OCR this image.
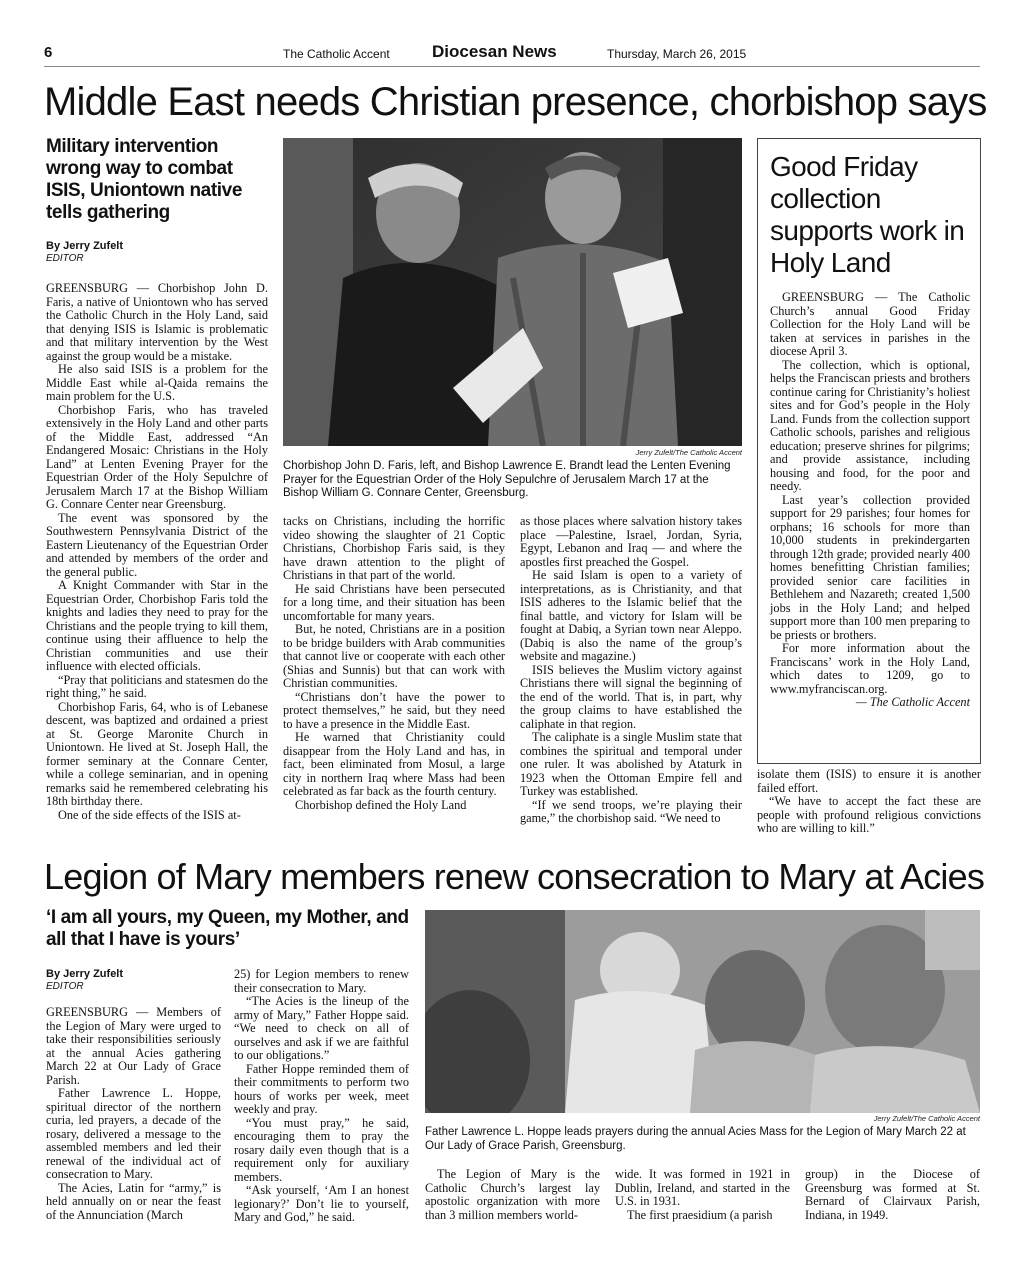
6	The Catholic Accent Diocesan News	Thursday, March 26, 2015
Middle East needs Christian presence, chorbishop says
Military intervention wrong way to combat ISIS, Uniontown native tells gathering
By Jerry Zufelt
EDITOR

GREENSBURG — Chorbishop John D. Faris, a native of Uniontown who has served the Catholic Church in the Holy Land, said that denying ISIS is Islamic is problematic and that military intervention by the West against the group would be a mistake.

He also said ISIS is a problem for the Middle East while al-Qaida remains the main problem for the U.S.

Chorbishop Faris, who has traveled extensively in the Holy Land and other parts of the Middle East, addressed “An Endangered Mosaic: Christians in the Holy Land” at Lenten Evening Prayer for the Equestrian Order of the Holy Sepulchre of Jerusalem March 17 at the Bishop William G. Connare Center near Greensburg.

The event was sponsored by the Southwestern Pennsylvania District of the Eastern Lieutenancy of the Equestrian Order and attended by members of the order and the general public.

A Knight Commander with Star in the Equestrian Order, Chorbishop Faris told the knights and ladies they need to pray for the Christians and the people trying to kill them, continue using their affluence to help the Christian communities and use their influence with elected officials.

“Pray that politicians and statesmen do the right thing,” he said.

Chorbishop Faris, 64, who is of Lebanese descent, was baptized and ordained a priest at St. George Maronite Church in Uniontown. He lived at St. Joseph Hall, the former seminary at the Connare Center, while a college seminarian, and in opening remarks said he remembered celebrating his 18th birthday there.

One of the side effects of the ISIS at-

Jerry Zufelt/The Catholic Accent
Chorbishop John D. Faris, left, and Bishop Lawrence E. Brandt lead the Lenten Evening Prayer for the Equestrian Order of the Holy Sepulchre of Jerusalem March 17 at the Bishop William G. Connare Center, Greensburg.

tacks on Christians, including the horrific video showing the slaughter of 21 Coptic Christians, Chorbishop Faris said, is they have drawn attention to the plight of Christians in that part of the world.

He said Christians have been persecuted for a long time, and their situation has been uncomfortable for many years.

But, he noted, Christians are in a position to be bridge builders with Arab communities that cannot live or cooperate with each other (Shias and Sunnis) but that can work with Christian communities.

“Christians don’t have the power to protect themselves,” he said, but they need to have a presence in the Middle East.

He warned that Christianity could disappear from the Holy Land and has, in fact, been eliminated from Mosul, a large city in northern Iraq where Mass had been celebrated as far back as the fourth century.

Chorbishop defined the Holy Land

as those places where salvation history takes place —Palestine, Israel, Jordan, Syria, Egypt, Lebanon and Iraq — and where the apostles first preached the Gospel.

He said Islam is open to a variety of interpretations, as is Christianity, and that ISIS adheres to the Islamic belief that the final battle, and victory for Islam will be fought at Dabiq, a Syrian town near Aleppo. (Dabiq is also the name of the group’s website and magazine.)

ISIS believes the Muslim victory against Christians there will signal the beginning of the end of the world. That is, in part, why the group claims to have established the caliphate in that region.

The caliphate is a single Muslim state that combines the spiritual and temporal under one ruler. It was abolished by Ataturk in 1923 when the Ottoman Empire fell and Turkey was established.

“If we send troops, we’re playing their game,” the chorbishop said. “We need to

isolate them (ISIS) to ensure it is another failed effort.

“We have to accept the fact these are people with profound religious convictions who are willing to kill.”

Good Friday collection supports work in Holy Land

GREENSBURG — The Catholic Church’s annual Good Friday Collection for the Holy Land will be taken at services in parishes in the diocese April 3.

The collection, which is optional, helps the Franciscan priests and brothers continue caring for Christianity’s holiest sites and for God’s people in the Holy Land. Funds from the collection support Catholic schools, parishes and religious education; preserve shrines for pilgrims; and provide assistance, including housing and food, for the poor and needy.

Last year’s collection provided support for 29 parishes; four homes for orphans; 16 schools for more than 10,000 students in prekindergarten through 12th grade; provided nearly 400 homes benefitting Christian families; provided senior care facilities in Bethlehem and Nazareth; created 1,500 jobs in the Holy Land; and helped support more than 100 men preparing to be priests or brothers.

For more information about the Franciscans’ work in the Holy Land, which dates to 1209, go to www.myfranciscan.org.

— The Catholic Accent

Legion of Mary members renew consecration to Mary at Acies
‘I am all yours, my Queen, my Mother, and all that I have is yours’
By Jerry Zufelt
EDITOR

GREENSBURG — Members of the Legion of Mary were urged to take their responsibilities seriously at the annual Acies gathering March 22 at Our Lady of Grace Parish.

Father Lawrence L. Hoppe, spiritual director of the northern curia, led prayers, a decade of the rosary, delivered a message to the assembled members and led their renewal of the individual act of consecration to Mary.

The Acies, Latin for “army,” is held annually on or near the feast of the Annunciation (March

25) for Legion members to renew their consecration to Mary.

“The Acies is the lineup of the army of Mary,” Father Hoppe said. “We need to check on all of ourselves and ask if we are faithful to our obligations.”

Father Hoppe reminded them of their commitments to perform two hours of works per week, meet weekly and pray.

“You must pray,” he said, encouraging them to pray the rosary daily even though that is a requirement only for auxiliary members.

“Ask yourself, ‘Am I an honest legionary?’ Don’t lie to yourself, Mary and God,” he said.

Jerry Zufelt/The Catholic Accent
Father Lawrence L. Hoppe leads prayers during the annual Acies Mass for the Legion of Mary March 22 at Our Lady of Grace Parish, Greensburg.

The Legion of Mary is the Catholic Church’s largest lay apostolic organization with more than 3 million members world-

wide. It was formed in 1921 in Dublin, Ireland, and started in the U.S. in 1931.

The first praesidium (a parish

group) in the Diocese of Greensburg was formed at St. Bernard of Clairvaux Parish, Indiana, in 1949.
